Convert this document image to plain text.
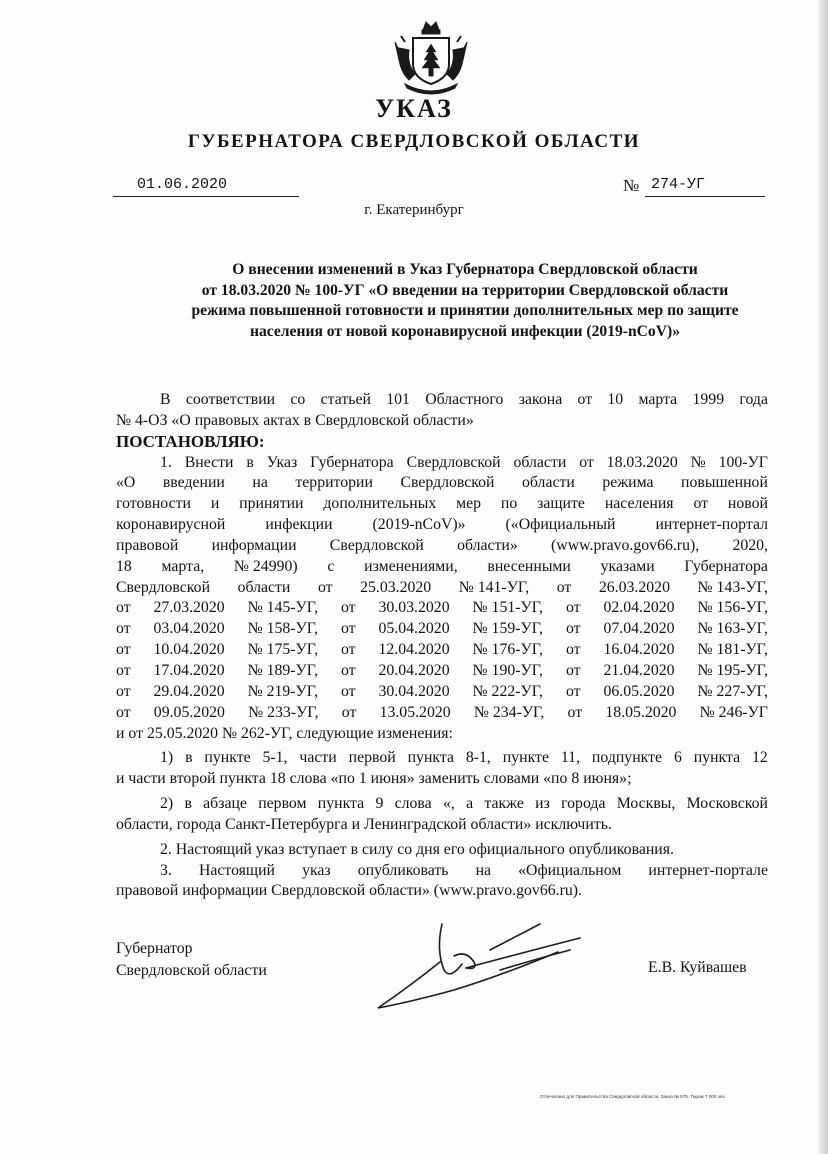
УКАЗ
ГУБЕРНАТОРА СВЕРДЛОВСКОЙ ОБЛАСТИ
01.06.2020	№ 274-УГ
г. Екатеринбург
О внесении изменений в Указ Губернатора Свердловской области
от 18.03.2020 № 100-УГ «О введении на территории Свердловской области
режима повышенной готовности и принятии дополнительных мер по защите
населения от новой коронавирусной инфекции (2019-nCoV)»
В соответствии со статьей 101 Областного закона от 10 марта 1999 года
№ 4-ОЗ «О правовых актах в Свердловской области»
ПОСТАНОВЛЯЮ:
1. Внести в Указ Губернатора Свердловской области от 18.03.2020 № 100-УГ
«О введении на территории Свердловской области режима повышенной
готовности и принятии дополнительных мер по защите населения от новой
коронавирусной	инфекции	(2019-nCoV)»	(«Официальный	интернет-портал
правовой информации Свердловской области» (www.pravo.gov66.ru), 2020,
18 марта, № 24990) с изменениями, внесенными указами Губернатора
Свердловской области от 25.03.2020 № 141-УГ, от 26.03.2020 № 143-УГ,
от 27.03.2020 № 145-УГ, от 30.03.2020 № 151-УГ, от 02.04.2020 № 156-УГ,
от 03.04.2020 № 158-УГ, от 05.04.2020 № 159-УГ, от 07.04.2020 № 163-УГ,
от 10.04.2020 № 175-УГ, от 12.04.2020 № 176-УГ, от 16.04.2020 № 181-УГ,
от 17.04.2020 № 189-УГ, от 20.04.2020 № 190-УГ, от 21.04.2020 № 195-УГ,
от 29.04.2020 № 219-УГ, от 30.04.2020 № 222-УГ, от 06.05.2020 № 227-УГ,
от 09.05.2020 № 233-УГ, от 13.05.2020 № 234-УГ, от 18.05.2020 № 246-УГ
и от 25.05.2020 № 262-УГ, следующие изменения:
1) в пункте 5-1, части первой пункта 8-1, пункте 11, подпункте 6 пункта 12
и части второй пункта 18 слова «по 1 июня» заменить словами «по 8 июня»;
2) в абзаце первом пункта 9 слова «, а также из города Москвы, Московской
области, города Санкт-Петербурга и Ленинградской области» исключить.
2. Настоящий указ вступает в силу со дня его официального опубликования.
3. Настоящий указ опубликовать на «Официальном интернет-портале
правовой информации Свердловской области» (www.pravo.gov66.ru).
Губернатор
Свердловской области	Е.В. Куйвашев
Отпечатано для Правительства Свердловской области. Заказ № 575. Тираж 7 000 экз.
